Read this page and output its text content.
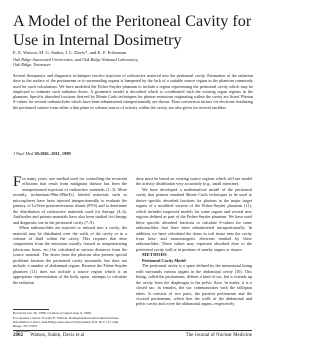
A Model of the Peritoneal Cavity for Use in Internal Dosimetry
E. E. Watson, M. G. Stabin, J. L. Davis*, and K. F. Eckerman
Oak Ridge Associated Universities, and Oak Ridge National Laboratory,
Oak Ridge, Tennessee

Several therapeutic and diagnostic techniques involve injection of radioactive material into the peritoneal cavity. Estimation of the radiation dose to the surface of the peritoneum or to surrounding organs is hampered by the lack of a suitable source region in the phantom commonly used for such calculations. We have modified the Fisher-Snyder phantom to include a region representing the peritoneal cavity which may be employed to estimate such radiation doses. A geometric model is described which is coordinated with the existing organ regions in the phantom. Specific absorbed fractions derived by Monte Carlo techniques for photon emissions originating within the cavity are listed. Photon S-values for several radionuclides which have been administered intraperitoneally are shown. Dose conversion factors for electrons irradiating the peritoneal surface from either a thin plane or volume source of activity within the cavity, are also given for several nuclides.

J Nucl Med 30:2061–2011, 1989

For many years, one method used for controlling the recurrent effusions that result from malignant disease has been the intraperitoneal injection of radioactive materials (1–3). More recently, technetium-99m-(99mTc) labeled materials such as microspheres have been injected intraperitoneally to evaluate the patency of LeVeen peritoneovenous shunts (PVS) and to determine the distribution of radioactive materials used for therapy (4–6). Antibodies and protein materials have also been studied for therapy and diagnostic use in the peritoneal cavity (7–9).

When radionuclides are injected or infused into a cavity, the material may be distributed over the walls of the cavity or in a volume of fluid within the cavity. This requires that dose components from the emissions usually classed as nonpenetrating (electrons, betas, etc.) be calculated at various distances from the source material. The doses from the photons also present special problems because the peritoneal cavity surrounds, but does not include, a number of abdominal organs. Because the Fisher-Snyder phantom (11) does not include a source region which is an appropriate representation of the body space, attempts to calculate the radiation

Received Jan. 26, 1989; revision accepted Aug. 9, 1989.
For reprints contact: Evelyn E. Watson, Radiopharmaceutical Internal Dose Information Center, Oak Ridge Associated Universities, P.O. Box 117, Oak Ridge, TN 37831.
* Deceased.

dose must be based on existing source regions which will not model the activity distribution very accurately (e.g., small intestine).

We have developed a mathematical model of the peritoneal cavity that permits standard Monte Carlo techniques to be used to derive specific absorbed fractions for photons to the major target organs of a modified version of the Fisher-Snyder phantom (11), which includes improved models for some organs and several new regions defined as part of the Fisher-Snyder phantom. We have used these specific absorbed fractions to calculate S-values for some radionuclides that have been administered intraperitoneally. In addition, we have calculated the doses in soft tissue near the cavity from beta- and monoenergetic electrons emitted by these radionuclides. These values may represent absorbed dose to the peritoneal cavity wall or in portions of nearby organs or tissues.

METHODS

Peritoneal Cavity Model

The peritoneal cavity is a space defined by the mesenterial lining with surrounds various organs in the abdominal cavity (10). This lining, called the peritoneum, defines a kind of sac, but it extends up the cavity from the diaphragm to the pelvic floor. In males, it is a closed sac; in females, the sac communicates with the fallopian tubes. It consists of two parts, the parietal peritoneum and the visceral peritoneum, which line the walls of the abdominal and pelvic cavity and cover the abdominal organs, respectively.

2002 Watson, Stabin, Davis et al	The Journal of Nuclear Medicine
